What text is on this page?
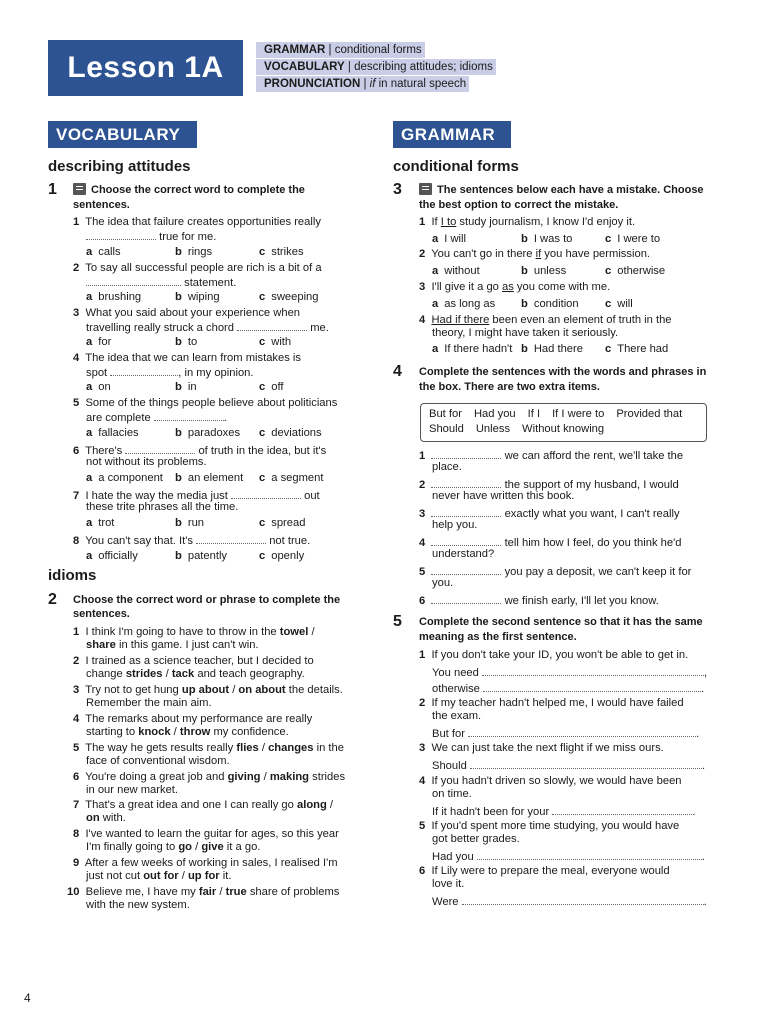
Lesson 1A
GRAMMAR | conditional forms
VOCABULARY | describing attitudes; idioms
PRONUNCIATION | if in natural speech
VOCABULARY
describing attitudes
1	Choose the correct word to complete the
sentences.
1 The idea that failure creates opportunities really
true for me.
a calls	b rings	c strikes
2 To say all successful people are rich is a bit of a
statement.
a brushing	b wiping	c sweeping
3 What you said about your experience when
travelling really struck a chord	me.
a for	b to	c with
4 The idea that we can learn from mistakes is
spot	, in my opinion.
a on	b in	c off
5 Some of the things people believe about politicians
are complete	.
a fallacies	b paradoxes c deviations
6 There's	of truth in the idea, but it's
not without its problems.
a a component b an element c a segment
7 I hate the way the media just	out
these trite phrases all the time.
a trot	b run	c spread
8 You can't say that. It's	not true.
a officially	b patently	c openly
idioms
2 Choose the correct word or phrase to complete the
sentences.
1 I think I'm going to have to throw in the towel /
share in this game. I just can't win.
2 I trained as a science teacher, but I decided to
change strides / tack and teach geography.
3 Try not to get hung up about / on about the details.
Remember the main aim.
4 The remarks about my performance are really
starting to knock / throw my confidence.
5 The way he gets results really flies / changes in the
face of conventional wisdom.
6 You're doing a great job and giving / making strides
in our new market.
7 That's a great idea and one I can really go along /
on with.
8 I've wanted to learn the guitar for ages, so this year
I'm finally going to go / give it a go.
9 After a few weeks of working in sales, I realised I'm
just not cut out for / up for it.
10 Believe me, I have my fair / true share of problems
with the new system.
GRAMMAR
conditional forms
3	The sentences below each have a mistake. Choose
the best option to correct the mistake.
1 If I to study journalism, I know I'd enjoy it.
a I will	b I was to	c I were to
2 You can't go in there if you have permission.
a without	b unless	c otherwise
3 I'll give it a go as you come with me.
a as long as b condition c will
4 Had if there been even an element of truth in the
theory, I might have taken it seriously.
a If there hadn't b Had there c There had
4 Complete the sentences with the words and phrases in
the box. There are two extra items.
But for Had you If I If I were to Provided that
Should Unless Without knowing
1	we can afford the rent, we'll take the
place.
2	the support of my husband, I would
never have written this book.
3	exactly what you want, I can't really
help you.
4	tell him how I feel, do you think he'd
understand?
5	you pay a deposit, we can't keep it for
you.
6	we finish early, I'll let you know.
5 Complete the second sentence so that it has the same
meaning as the first sentence.
1 If you don't take your ID, you won't be able to get in.
You need	,
otherwise	.
2 If my teacher hadn't helped me, I would have failed
the exam.
But for	.
3 We can just take the next flight if we miss ours.
Should	.
4 If you hadn't driven so slowly, we would have been
on time.
If it hadn't been for your	.
5 If you'd spent more time studying, you would have
got better grades.
Had you	.
6 If Lily were to prepare the meal, everyone would
love it.
Were	.
4
